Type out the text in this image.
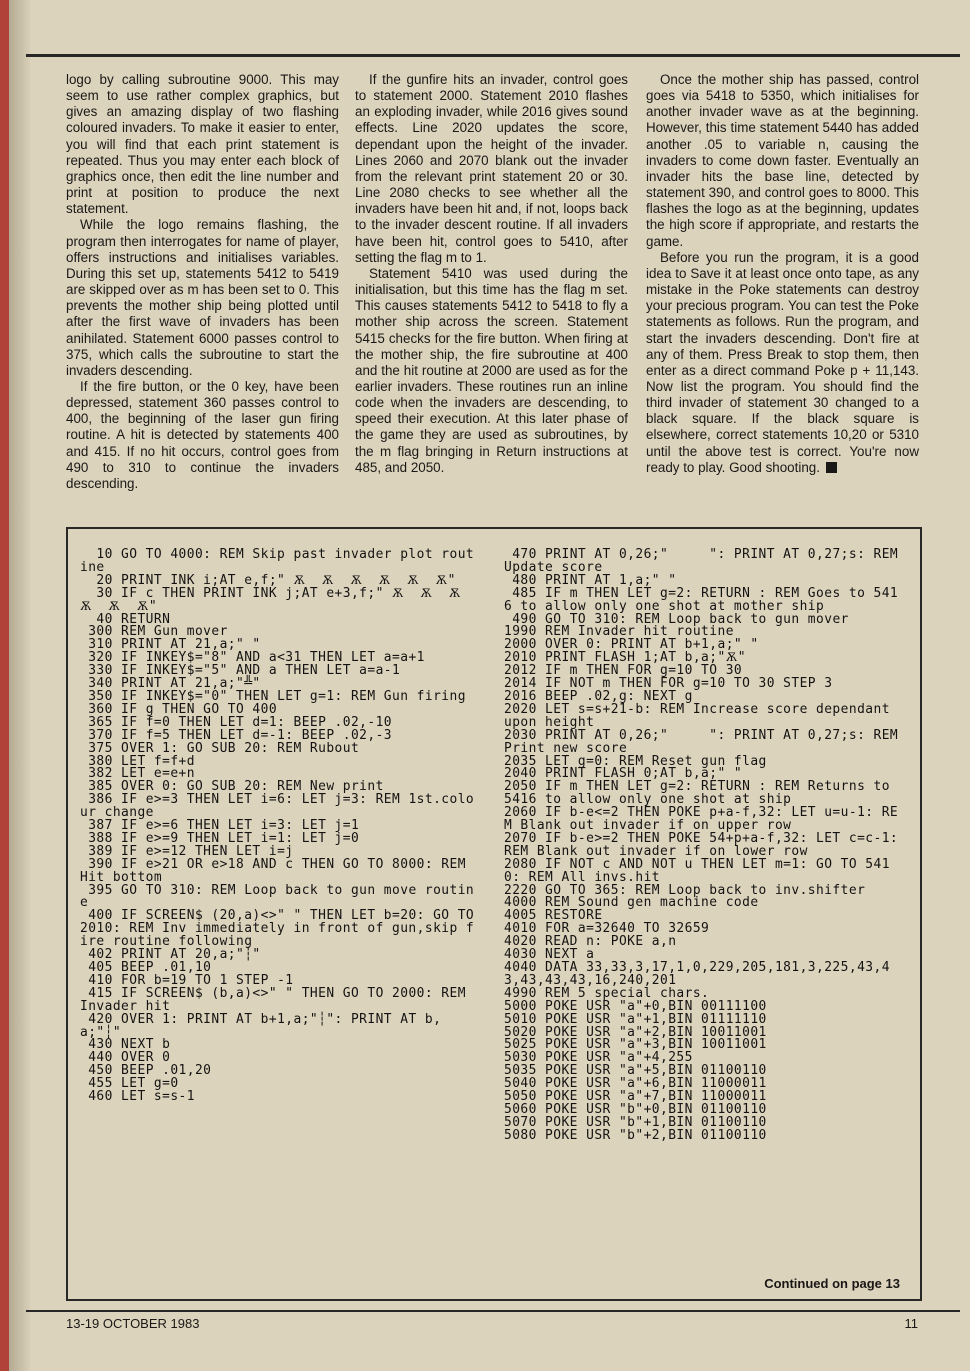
logo by calling subroutine 9000. This may seem to use rather complex graphics, but gives an amazing display of two flashing coloured invaders. To make it easier to enter, you will find that each print statement is repeated. Thus you may enter each block of graphics once, then edit the line number and print at position to produce the next statement.

While the logo remains flashing, the program then interrogates for name of player, offers instructions and initialises variables. During this set up, statements 5412 to 5419 are skipped over as m has been set to 0. This prevents the mother ship being plotted until after the first wave of invaders has been anihilated. Statement 6000 passes control to 375, which calls the subroutine to start the invaders descending.

If the fire button, or the 0 key, have been depressed, statement 360 passes control to 400, the beginning of the laser gun firing routine. A hit is detected by statements 400 and 415. If no hit occurs, control goes from 490 to 310 to continue the invaders descending.

If the gunfire hits an invader, control goes to statement 2000. Statement 2010 flashes an exploding invader, while 2016 gives sound effects. Line 2020 updates the score, dependant upon the height of the invader. Lines 2060 and 2070 blank out the invader from the relevant print statement 20 or 30. Line 2080 checks to see whether all the invaders have been hit and, if not, loops back to the invader descent routine. If all invaders have been hit, control goes to 5410, after setting the flag m to 1.

Statement 5410 was used during the initialisation, but this time has the flag m set. This causes statements 5412 to 5418 to fly a mother ship across the screen. Statement 5415 checks for the fire button. When firing at the mother ship, the fire subroutine at 400 and the hit routine at 2000 are used as for the earlier invaders. These routines run an inline code when the invaders are descending, to speed their execution. At this later phase of the game they are used as subroutines, by the m flag bringing in Return instructions at 485, and 2050.

Once the mother ship has passed, control goes via 5418 to 5350, which initialises for another invader wave as at the beginning. However, this time statement 5440 has added another .05 to variable n, causing the invaders to come down faster. Eventually an invader hits the base line, detected by statement 390, and control goes to 8000. This flashes the logo as at the beginning, updates the high score if appropriate, and restarts the game.

Before you run the program, it is a good idea to Save it at least once onto tape, as any mistake in the Poke statements can destroy your precious program. You can test the Poke statements as follows. Run the program, and start the invaders descending. Don't fire at any of them. Press Break to stop them, then enter as a direct command Poke p + 11,143. Now list the program. You should find the third invader of statement 30 changed to a black square. If the black square is elsewhere, correct statements 10,20 or 5310 until the above test is correct. You're now ready to play. Good shooting.

10 GO TO 4000: REM Skip past invader plot routine
20 PRINT INK i;AT e,f;" Ѫ  Ѫ  Ѫ  Ѫ  Ѫ  Ѫ"
30 IF c THEN PRINT INK j;AT e+3,f;" Ѫ  Ѫ  Ѫ  Ѫ  Ѫ  Ѫ"
40 RETURN
300 REM Gun mover
310 PRINT AT 21,a;" "
320 IF INKEY$="8" AND a<31 THEN LET a=a+1
330 IF INKEY$="5" AND a THEN LET a=a-1
340 PRINT AT 21,a;"╩"
350 IF INKEY$="0" THEN LET g=1: REM Gun firing
360 IF g THEN GO TO 400
365 IF f=0 THEN LET d=1: BEEP .02,-10
370 IF f=5 THEN LET d=-1: BEEP .02,-3
375 OVER 1: GO SUB 20: REM Rubout
380 LET f=f+d
382 LET e=e+n
385 OVER 0: GO SUB 20: REM New print
386 IF e>=3 THEN LET i=6: LET j=3: REM 1st.colour change
387 IF e>=6 THEN LET i=3: LET j=1
388 IF e>=9 THEN LET i=1: LET j=0
389 IF e>=12 THEN LET i=j
390 IF e>21 OR e>18 AND c THEN GO TO 8000: REM Hit bottom
395 GO TO 310: REM Loop back to gun move routine
400 IF SCREEN$ (20,a)<>" " THEN LET b=20: GO TO 2010: REM Inv immediately in front of gun,skip fire routine following
402 PRINT AT 20,a;"┆"
405 BEEP .01,10
410 FOR b=19 TO 1 STEP -1
415 IF SCREEN$ (b,a)<>" " THEN GO TO 2000: REM Invader hit
420 OVER 1: PRINT AT b+1,a;"┆": PRINT AT b,a;"┆"
430 NEXT b
440 OVER 0
450 BEEP .01,20
455 LET g=0
460 LET s=s-1
470 PRINT AT 0,26;"     ": PRINT AT 0,27;s: REM Update score
480 PRINT AT 1,a;" "
485 IF m THEN LET g=2: RETURN : REM Goes to 5416 to allow only one shot at mother ship
490 GO TO 310: REM Loop back to gun mover
1990 REM Invader hit routine
2000 OVER 0: PRINT AT b+1,a;" "
2010 PRINT FLASH 1;AT b,a;"Ѫ"
2012 IF m THEN FOR g=10 TO 30
2014 IF NOT m THEN FOR g=10 TO 30 STEP 3
2016 BEEP .02,g: NEXT g
2020 LET s=s+21-b: REM Increase score dependant upon height
2030 PRINT AT 0,26;"     ": PRINT AT 0,27;s: REM Print new score
2035 LET g=0: REM Reset gun flag
2040 PRINT FLASH 0;AT b,a;" "
2050 IF m THEN LET g=2: RETURN : REM Returns to 5416 to allow only one shot at ship
2060 IF b-e<=2 THEN POKE p+a-f,32: LET u=u-1: REM Blank out invader if on upper row
2070 IF b-e>=2 THEN POKE 54+p+a-f,32: LET c=c-1: REM Blank out invader if on lower row
2080 IF NOT c AND NOT u THEN LET m=1: GO TO 5410: REM All invs.hit
2220 GO TO 365: REM Loop back to inv.shifter
4000 REM Sound gen machine code
4005 RESTORE
4010 FOR a=32640 TO 32659
4020 READ n: POKE a,n
4030 NEXT a
4040 DATA 33,33,3,17,1,0,229,205,181,3,225,43,43,43,43,43,16,240,201
4990 REM 5 special chars.
5000 POKE USR "a"+0,BIN 00111100
5010 POKE USR "a"+1,BIN 01111110
5020 POKE USR "a"+2,BIN 10011001
5025 POKE USR "a"+3,BIN 10011001
5030 POKE USR "a"+4,255
5035 POKE USR "a"+5,BIN 01100110
5040 POKE USR "a"+6,BIN 11000011
5050 POKE USR "a"+7,BIN 11000011
5060 POKE USR "b"+0,BIN 01100110
5070 POKE USR "b"+1,BIN 01100110
5080 POKE USR "b"+2,BIN 01100110
Continued on page 13
13-19 OCTOBER 1983	11
